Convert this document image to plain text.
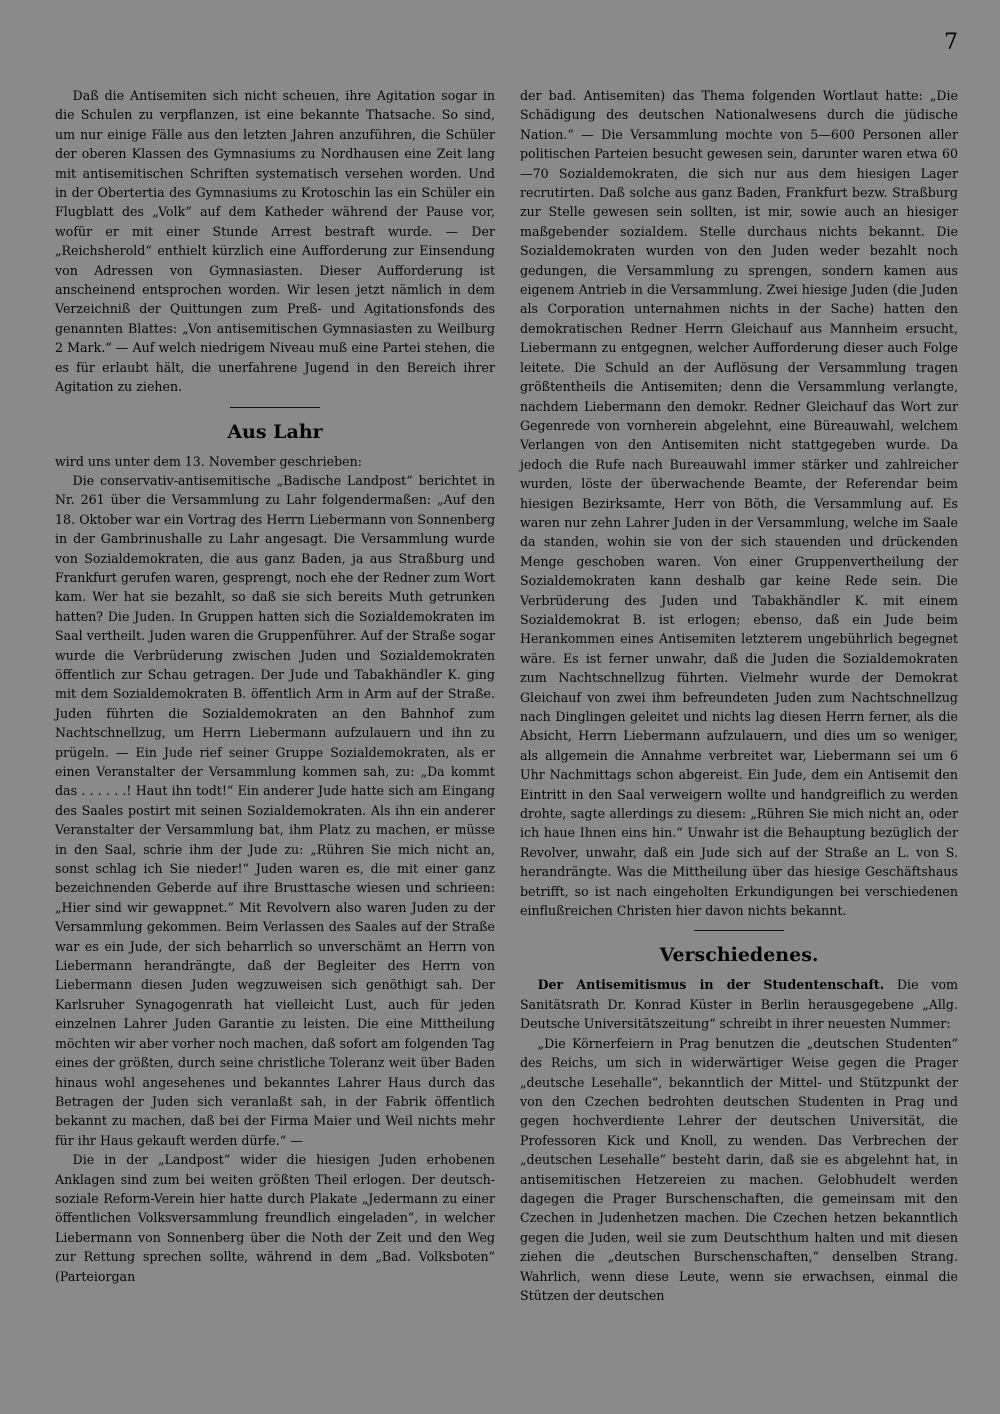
7

Daß die Antisemiten sich nicht scheuen, ihre Agitation sogar in die Schulen zu verpflanzen, ist eine bekannte Thatsache. So sind, um nur einige Fälle aus den letzten Jahren anzuführen, die Schüler der oberen Klassen des Gymnasiums zu Nordhausen eine Zeit lang mit antisemitischen Schriften systematisch versehen worden. Und in der Obertertia des Gymnasiums zu Krotoschin las ein Schüler ein Flugblatt des „Volk“ auf dem Katheder während der Pause vor, wofür er mit einer Stunde Arrest bestraft wurde. — Der „Reichsherold“ enthielt kürzlich eine Aufforderung zur Einsendung von Adressen von Gymnasiasten. Dieser Aufforderung ist anscheinend entsprochen worden. Wir lesen jetzt nämlich in dem Verzeichniß der Quittungen zum Preß- und Agitationsfonds des genannten Blattes: „Von antisemitischen Gymnasiasten zu Weilburg 2 Mark.“ — Auf welch niedrigem Niveau muß eine Partei stehen, die es für erlaubt hält, die unerfahrene Jugend in den Bereich ihrer Agitation zu ziehen.

Aus Lahr

wird uns unter dem 13. November geschrieben:

Die conservativ-antisemitische „Badische Landpost“ berichtet in Nr. 261 über die Versammlung zu Lahr folgendermaßen: „Auf den 18. Oktober war ein Vortrag des Herrn Liebermann von Sonnenberg in der Gambrinushalle zu Lahr angesagt. Die Versammlung wurde von Sozialdemokraten, die aus ganz Baden, ja aus Straßburg und Frankfurt gerufen waren, gesprengt, noch ehe der Redner zum Wort kam. Wer hat sie bezahlt, so daß sie sich bereits Muth getrunken hatten? Die Juden. In Gruppen hatten sich die Sozialdemokraten im Saal vertheilt. Juden waren die Gruppenführer. Auf der Straße sogar wurde die Verbrüderung zwischen Juden und Sozialdemokraten öffentlich zur Schau getragen. Der Jude und Tabakhändler K. ging mit dem Sozialdemokraten B. öffentlich Arm in Arm auf der Straße. Juden führten die Sozialdemokraten an den Bahnhof zum Nachtschnellzug, um Herrn Liebermann aufzulauern und ihn zu prügeln. — Ein Jude rief seiner Gruppe Sozialdemokraten, als er einen Veranstalter der Versammlung kommen sah, zu: „Da kommt das . . . . . .! Haut ihn todt!“ Ein anderer Jude hatte sich am Eingang des Saales postirt mit seinen Sozialdemokraten. Als ihn ein anderer Veranstalter der Versammlung bat, ihm Platz zu machen, er müsse in den Saal, schrie ihm der Jude zu: „Rühren Sie mich nicht an, sonst schlag ich Sie nieder!“ Juden waren es, die mit einer ganz bezeichnenden Geberde auf ihre Brusttasche wiesen und schrieen: „Hier sind wir gewappnet.“ Mit Revolvern also waren Juden zu der Versammlung gekommen. Beim Verlassen des Saales auf der Straße war es ein Jude, der sich beharrlich so unverschämt an Herrn von Liebermann herandrängte, daß der Begleiter des Herrn von Liebermann diesen Juden wegzuweisen sich genöthigt sah. Der Karlsruher Synagogenrath hat vielleicht Lust, auch für jeden einzelnen Lahrer Juden Garantie zu leisten. Die eine Mittheilung möchten wir aber vorher noch machen, daß sofort am folgenden Tag eines der größten, durch seine christliche Toleranz weit über Baden hinaus wohl angesehenes und bekanntes Lahrer Haus durch das Betragen der Juden sich veranlaßt sah, in der Fabrik öffentlich bekannt zu machen, daß bei der Firma Maier und Weil nichts mehr für ihr Haus gekauft werden dürfe.“ —

Die in der „Landpost“ wider die hiesigen Juden erhobenen Anklagen sind zum bei weiten größten Theil erlogen. Der deutsch-soziale Reform-Verein hier hatte durch Plakate „Jedermann zu einer öffentlichen Volksversammlung freundlich eingeladen“, in welcher Liebermann von Sonnenberg über die Noth der Zeit und den Weg zur Rettung sprechen sollte, während in dem „Bad. Volksboten“ (Parteiorgan

der bad. Antisemiten) das Thema folgenden Wortlaut hatte: „Die Schädigung des deutschen Nationalwesens durch die jüdische Nation.“ — Die Versammlung mochte von 5—600 Personen aller politischen Parteien besucht gewesen sein, darunter waren etwa 60—70 Sozialdemokraten, die sich nur aus dem hiesigen Lager recrutirten. Daß solche aus ganz Baden, Frankfurt bezw. Straßburg zur Stelle gewesen sein sollten, ist mir, sowie auch an hiesiger maßgebender sozialdem. Stelle durchaus nichts bekannt. Die Sozialdemokraten wurden von den Juden weder bezahlt noch gedungen, die Versammlung zu sprengen, sondern kamen aus eigenem Antrieb in die Versammlung. Zwei hiesige Juden (die Juden als Corporation unternahmen nichts in der Sache) hatten den demokratischen Redner Herrn Gleichauf aus Mannheim ersucht, Liebermann zu entgegnen, welcher Aufforderung dieser auch Folge leitete. Die Schuld an der Auflösung der Versammlung tragen größtentheils die Antisemiten; denn die Versammlung verlangte, nachdem Liebermann den demokr. Redner Gleichauf das Wort zur Gegenrede von vornherein abgelehnt, eine Büreauwahl, welchem Verlangen von den Antisemiten nicht stattgegeben wurde. Da jedoch die Rufe nach Bureauwahl immer stärker und zahlreicher wurden, löste der überwachende Beamte, der Referendar beim hiesigen Bezirksamte, Herr von Böth, die Versammlung auf. Es waren nur zehn Lahrer Juden in der Versammlung, welche im Saale da standen, wohin sie von der sich stauenden und drückenden Menge geschoben waren. Von einer Gruppenvertheilung der Sozialdemokraten kann deshalb gar keine Rede sein. Die Verbrüderung des Juden und Tabakhändler K. mit einem Sozialdemokrat B. ist erlogen; ebenso, daß ein Jude beim Herankommen eines Antisemiten letzterem ungebührlich begegnet wäre. Es ist ferner unwahr, daß die Juden die Sozialdemokraten zum Nachtschnellzug führten. Vielmehr wurde der Demokrat Gleichauf von zwei ihm befreundeten Juden zum Nachtschnellzug nach Dinglingen geleitet und nichts lag diesen Herrn ferner, als die Absicht, Herrn Liebermann aufzulauern, und dies um so weniger, als allgemein die Annahme verbreitet war, Liebermann sei um 6 Uhr Nachmittags schon abgereist. Ein Jude, dem ein Antisemit den Eintritt in den Saal verweigern wollte und handgreiflich zu werden drohte, sagte allerdings zu diesem: „Rühren Sie mich nicht an, oder ich haue Ihnen eins hin.“ Unwahr ist die Behauptung bezüglich der Revolver, unwahr, daß ein Jude sich auf der Straße an L. von S. herandrängte. Was die Mittheilung über das hiesige Geschäftshaus betrifft, so ist nach eingeholten Erkundigungen bei verschiedenen einflußreichen Christen hier davon nichts bekannt.

Verschiedenes.

Der Antisemitismus in der Studentenschaft. Die vom Sanitätsrath Dr. Konrad Küster in Berlin herausgegebene „Allg. Deutsche Universitätszeitung“ schreibt in ihrer neuesten Nummer:

„Die Körnerfeiern in Prag benutzen die „deutschen Studenten“ des Reichs, um sich in widerwärtiger Weise gegen die Prager „deutsche Lesehalle“, bekanntlich der Mittel- und Stützpunkt der von den Czechen bedrohten deutschen Studenten in Prag und gegen hochverdiente Lehrer der deutschen Universität, die Professoren Kick und Knoll, zu wenden. Das Verbrechen der „deutschen Lesehalle“ besteht darin, daß sie es abgelehnt hat, in antisemitischen Hetzereien zu machen. Gelobhudelt werden dagegen die Prager Burschenschaften, die gemeinsam mit den Czechen in Judenhetzen machen. Die Czechen hetzen bekanntlich gegen die Juden, weil sie zum Deutschthum halten und mit diesen ziehen die „deutschen Burschenschaften,“ denselben Strang. Wahrlich, wenn diese Leute, wenn sie erwachsen, einmal die Stützen der deutschen
